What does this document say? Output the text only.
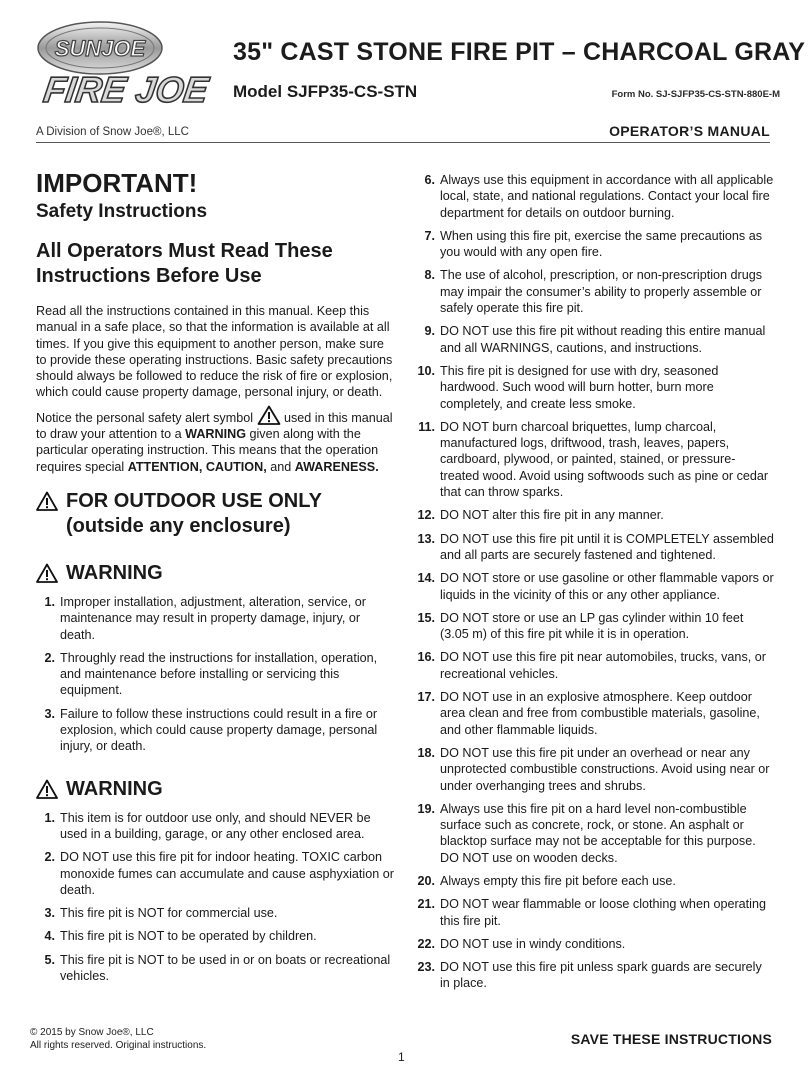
SUNJOE
FIRE JOE
35" CAST STONE FIRE PIT – CHARCOAL GRAY
Model SJFP35-CS-STN	Form No. SJ-SJFP35-CS-STN-880E-M
A Division of Snow Joe®, LLC	OPERATOR’S MANUAL
IMPORTANT!
Safety Instructions
All Operators Must Read These Instructions Before Use

Read all the instructions contained in this manual. Keep this manual in a safe place, so that the information is available at all times. If you give this equipment to another person, make sure to provide these operating instructions. Basic safety precautions should always be followed to reduce the risk of fire or explosion, which could cause property damage, personal injury, or death.

Notice the personal safety alert symbol  used in this manual to draw your attention to a WARNING given along with the particular operating instruction. This means that the operation requires special ATTENTION, CAUTION, and AWARENESS.

FOR OUTDOOR USE ONLY
(outside any enclosure)
WARNING
1. Improper installation, adjustment, alteration, service, or maintenance may result in property damage, injury, or death.
2. Throughly read the instructions for installation, operation, and maintenance before installing or servicing this equipment.
3. Failure to follow these instructions could result in a fire or explosion, which could cause property damage, personal injury, or death.
WARNING
1. This item is for outdoor use only, and should NEVER be used in a building, garage, or any other enclosed area.
2. DO NOT use this fire pit for indoor heating. TOXIC carbon monoxide fumes can accumulate and cause asphyxiation or death.
3. This fire pit is NOT for commercial use.
4. This fire pit is NOT to be operated by children.
5. This fire pit is NOT to be used in or on boats or recreational vehicles.
6. Always use this equipment in accordance with all applicable local, state, and national regulations. Contact your local fire department for details on outdoor burning.
7. When using this fire pit, exercise the same precautions as you would with any open fire.
8. The use of alcohol, prescription, or non-prescription drugs may impair the consumer’s ability to properly assemble or safely operate this fire pit.
9. DO NOT use this fire pit without reading this entire manual and all WARNINGS, cautions, and instructions.
10. This fire pit is designed for use with dry, seasoned hardwood. Such wood will burn hotter, burn more completely, and create less smoke.
11. DO NOT burn charcoal briquettes, lump charcoal, manufactured logs, driftwood, trash, leaves, papers, cardboard, plywood, or painted, stained, or pressure-treated wood. Avoid using softwoods such as pine or cedar that can throw sparks.
12. DO NOT alter this fire pit in any manner.
13. DO NOT use this fire pit until it is COMPLETELY assembled and all parts are securely fastened and tightened.
14. DO NOT store or use gasoline or other flammable vapors or liquids in the vicinity of this or any other appliance.
15. DO NOT store or use an LP gas cylinder within 10 feet (3.05 m) of this fire pit while it is in operation.
16. DO NOT use this fire pit near automobiles, trucks, vans, or recreational vehicles.
17. DO NOT use in an explosive atmosphere. Keep outdoor area clean and free from combustible materials, gasoline, and other flammable liquids.
18. DO NOT use this fire pit under an overhead or near any unprotected combustible constructions. Avoid using near or under overhanging trees and shrubs.
19. Always use this fire pit on a hard level non-combustible surface such as concrete, rock, or stone. An asphalt or blacktop surface may not be acceptable for this purpose. DO NOT use on wooden decks.
20. Always empty this fire pit before each use.
21. DO NOT wear flammable or loose clothing when operating this fire pit.
22. DO NOT use in windy conditions.
23. DO NOT use this fire pit unless spark guards are securely in place.
© 2015 by Snow Joe®, LLC
All rights reserved. Original instructions.	SAVE THESE INSTRUCTIONS
1
